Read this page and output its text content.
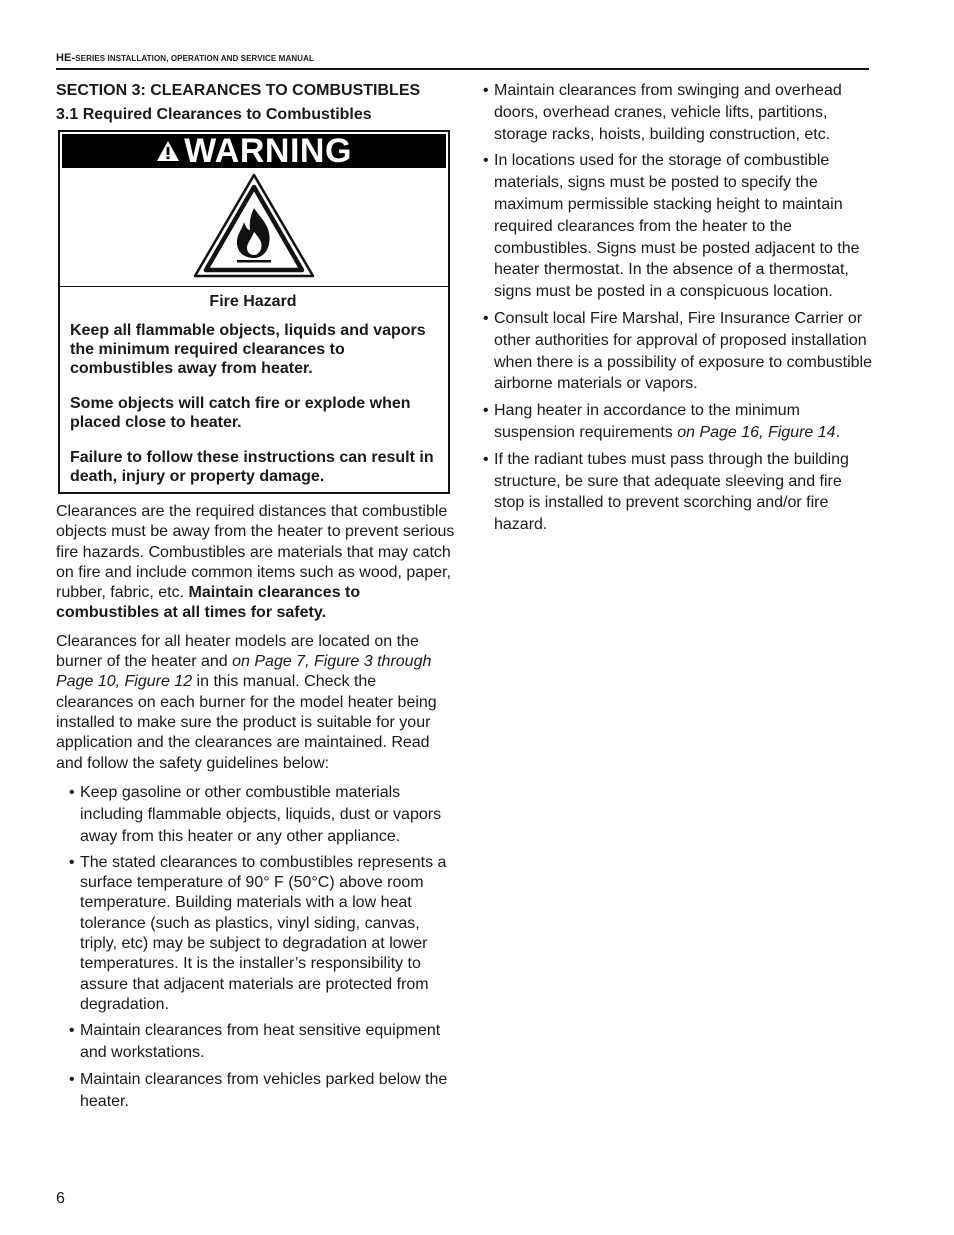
HE-SERIES INSTALLATION, OPERATION AND SERVICE MANUAL
SECTION 3: CLEARANCES TO COMBUSTIBLES
3.1 Required Clearances to Combustibles
WARNING
Fire Hazard

Keep all flammable objects, liquids and vapors the minimum required clearances to combustibles away from heater.

Some objects will catch fire or explode when placed close to heater.

Failure to follow these instructions can result in death, injury or property damage.

Clearances are the required distances that combustible objects must be away from the heater to prevent serious fire hazards. Combustibles are materials that may catch on fire and include common items such as wood, paper, rubber, fabric, etc. Maintain clearances to combustibles at all times for safety.

Clearances for all heater models are located on the burner of the heater and on Page 7, Figure 3 through Page 10, Figure 12 in this manual. Check the clearances on each burner for the model heater being installed to make sure the product is suitable for your application and the clearances are maintained. Read and follow the safety guidelines below:

• Keep gasoline or other combustible materials including flammable objects, liquids, dust or vapors away from this heater or any other appliance.
• The stated clearances to combustibles represents a surface temperature of 90° F (50°C) above room temperature. Building materials with a low heat tolerance (such as plastics, vinyl siding, canvas, triply, etc) may be subject to degradation at lower temperatures. It is the installer’s responsibility to assure that adjacent materials are protected from degradation.
• Maintain clearances from heat sensitive equipment and workstations.
• Maintain clearances from vehicles parked below the heater.
• Maintain clearances from swinging and overhead doors, overhead cranes, vehicle lifts, partitions, storage racks, hoists, building construction, etc.
• In locations used for the storage of combustible materials, signs must be posted to specify the maximum permissible stacking height to maintain required clearances from the heater to the combustibles. Signs must be posted adjacent to the heater thermostat. In the absence of a thermostat, signs must be posted in a conspicuous location.
• Consult local Fire Marshal, Fire Insurance Carrier or other authorities for approval of proposed installation when there is a possibility of exposure to combustible airborne materials or vapors.
• Hang heater in accordance to the minimum suspension requirements on Page 16, Figure 14.
• If the radiant tubes must pass through the building structure, be sure that adequate sleeving and fire stop is installed to prevent scorching and/or fire hazard.
6
